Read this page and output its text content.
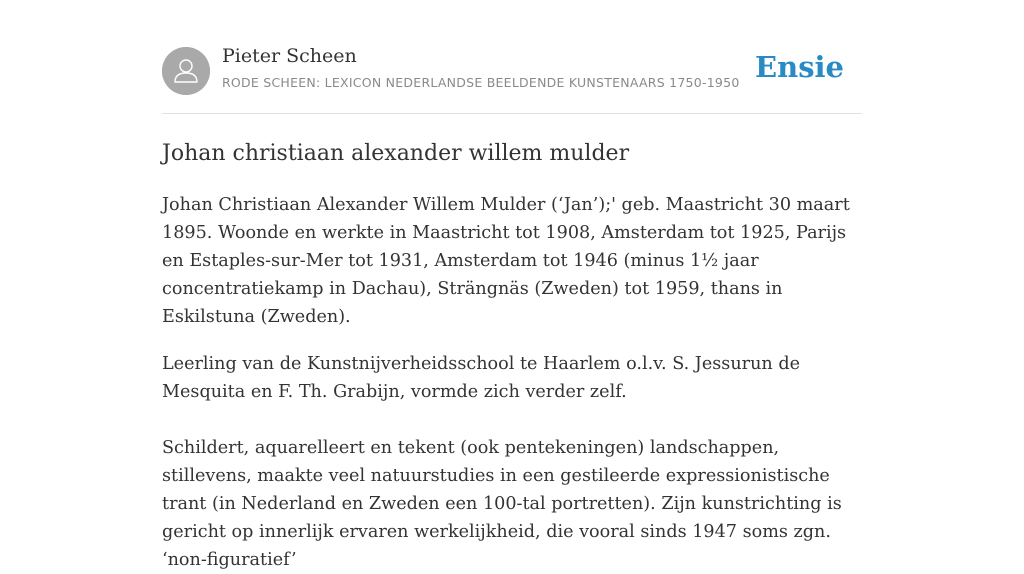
Pieter Scheen
RODE SCHEEN: LEXICON NEDERLANDSE BEELDENDE KUNSTENAARS 1750-1950 Ensie
Johan christiaan alexander willem mulder

Johan Christiaan Alexander Willem Mulder (‘Jan’);' geb. Maastricht 30 maart 1895. Woonde en werkte in Maastricht tot 1908, Amsterdam tot 1925, Parijs en Estaples-sur-Mer tot 1931, Amsterdam tot 1946 (minus 1½ jaar concentratiekamp in Dachau), Strängnäs (Zweden) tot 1959, thans in Eskilstuna (Zweden).

Leerling van de Kunstnijverheidsschool te Haarlem o.l.v. S. Jessurun de Mesquita en F. Th. Grabijn, vormde zich verder zelf.

Schildert, aquarelleert en tekent (ook pentekeningen) landschappen, stillevens, maakte veel natuurstudies in een gestileerde expressionistische trant (in Nederland en Zweden een 100-tal portretten). Zijn kunstrichting is gericht op innerlijk ervaren werkelijkheid, die vooral sinds 1947 soms zgn. ‘non-figuratief’
